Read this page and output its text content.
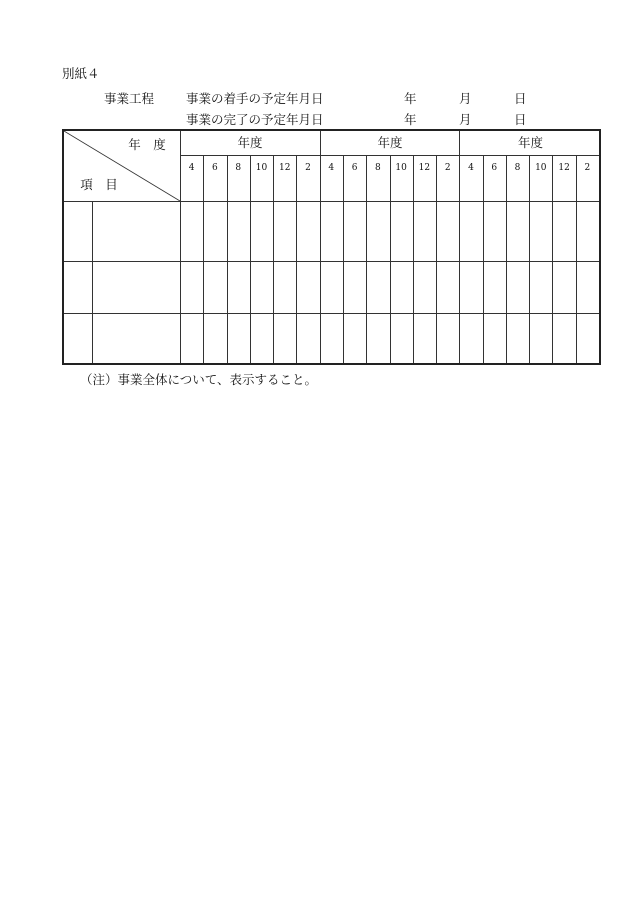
別紙４
事業工程	事業の着手の予定年月日	年	月	日
事業の完了の予定年月日	年	月	日
年　度
項　目
年度	年度	年度
4	6	8	10	12	2	4	6	8	10	12	2	4	6	8	10	12	2
（注）事業全体について、表示すること。
